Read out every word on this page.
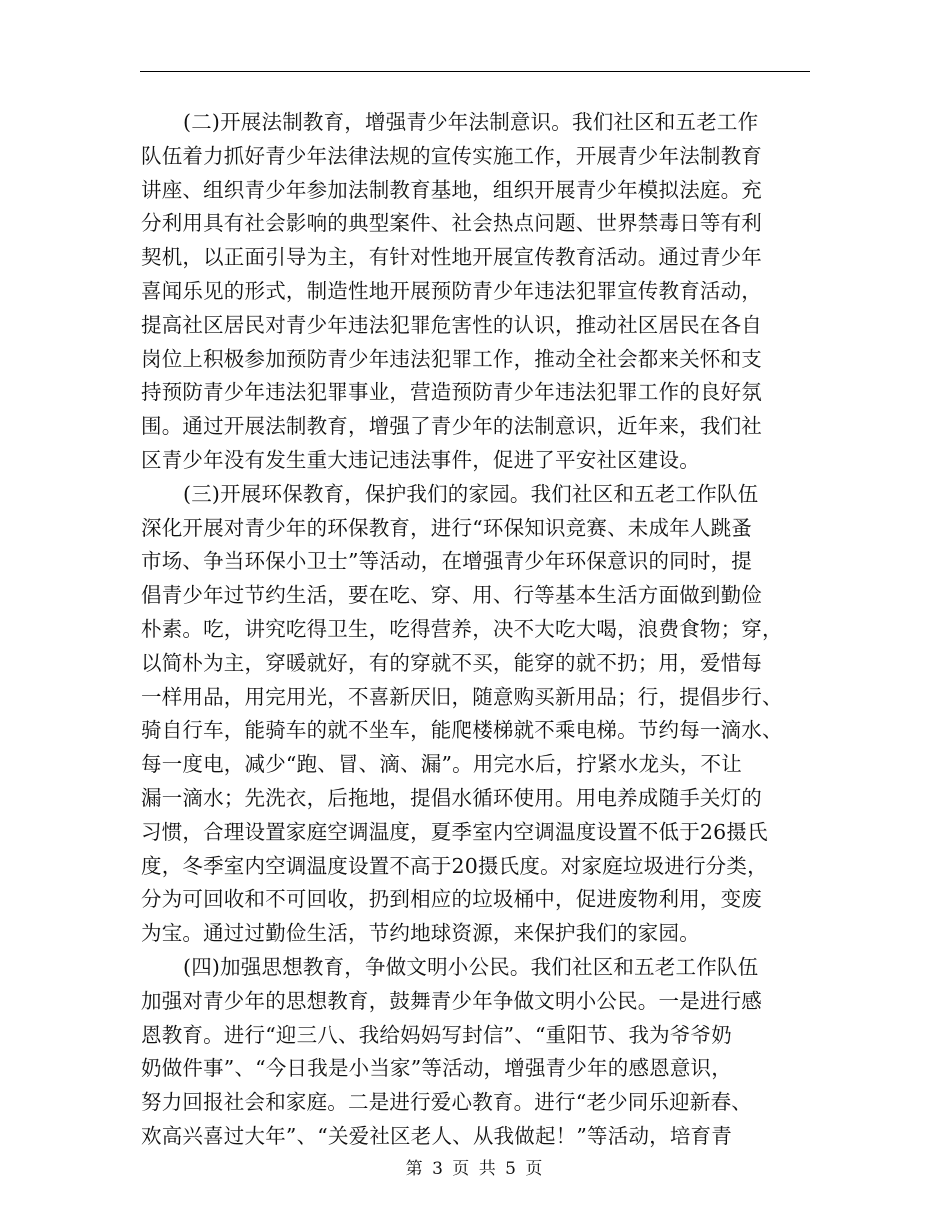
(二)开展法制教育，增强青少年法制意识。我们社区和五老工作
队伍着力抓好青少年法律法规的宣传实施工作，开展青少年法制教育
讲座、组织青少年参加法制教育基地，组织开展青少年模拟法庭。充
分利用具有社会影响的典型案件、社会热点问题、世界禁毒日等有利
契机，以正面引导为主，有针对性地开展宣传教育活动。通过青少年
喜闻乐见的形式，制造性地开展预防青少年违法犯罪宣传教育活动，
提高社区居民对青少年违法犯罪危害性的认识，推动社区居民在各自
岗位上积极参加预防青少年违法犯罪工作，推动全社会都来关怀和支
持预防青少年违法犯罪事业，营造预防青少年违法犯罪工作的良好氛
围。通过开展法制教育，增强了青少年的法制意识，近年来，我们社
区青少年没有发生重大违记违法事件，促进了平安社区建设。
(三)开展环保教育，保护我们的家园。我们社区和五老工作队伍
深化开展对青少年的环保教育，进行“环保知识竞赛、未成年人跳蚤
市场、争当环保小卫士”等活动，在增强青少年环保意识的同时，提
倡青少年过节约生活，要在吃、穿、用、行等基本生活方面做到勤俭
朴素。吃，讲究吃得卫生，吃得营养，决不大吃大喝，浪费食物；穿，
以简朴为主，穿暖就好，有的穿就不买，能穿的就不扔；用，爱惜每
一样用品，用完用光，不喜新厌旧，随意购买新用品；行，提倡步行、
骑自行车，能骑车的就不坐车，能爬楼梯就不乘电梯。节约每一滴水、
每一度电，减少“跑、冒、滴、漏”。用完水后，拧紧水龙头，不让
漏一滴水；先洗衣，后拖地，提倡水循环使用。用电养成随手关灯的
习惯，合理设置家庭空调温度，夏季室内空调温度设置不低于26摄氏
度，冬季室内空调温度设置不高于20摄氏度。对家庭垃圾进行分类，
分为可回收和不可回收，扔到相应的垃圾桶中，促进废物利用，变废
为宝。通过过勤俭生活，节约地球资源，来保护我们的家园。
(四)加强思想教育，争做文明小公民。我们社区和五老工作队伍
加强对青少年的思想教育，鼓舞青少年争做文明小公民。一是进行感
恩教育。进行“迎三八、我给妈妈写封信”、“重阳节、我为爷爷奶
奶做件事”、“今日我是小当家”等活动，增强青少年的感恩意识，
努力回报社会和家庭。二是进行爱心教育。进行“老少同乐迎新春、
欢高兴喜过大年”、“关爱社区老人、从我做起！”等活动，培育青
第 3 页 共 5 页
